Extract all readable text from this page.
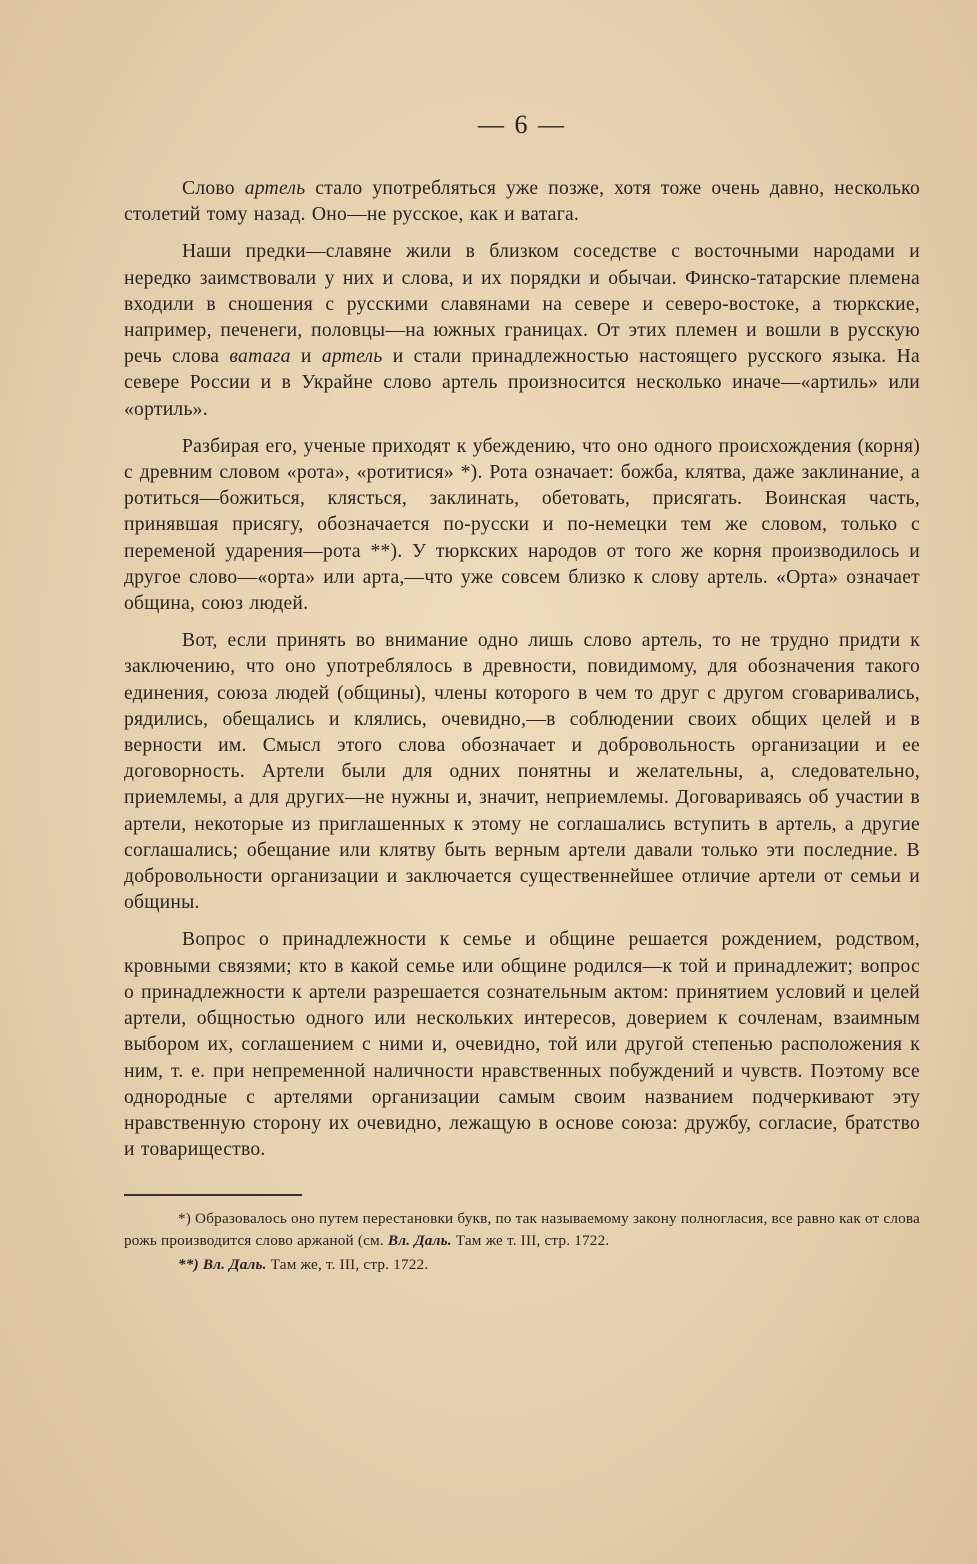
— 6 —

Слово артель стало употребляться уже позже, хотя тоже очень давно, несколько столетий тому назад. Оно—не русское, как и ватага.

Наши предки—славяне жили в близком соседстве с восточными народами и нередко заимствовали у них и слова, и их порядки и обычаи. Финско-татарские племена входили в сношения с русскими славянами на севере и северо-востоке, а тюркские, например, печенеги, половцы—на южных границах. От этих племен и вошли в русскую речь слова ватага и артель и стали принадлежностью настоящего русского языка. На севере России и в Украйне слово артель произносится несколько иначе—«артиль» или «ортиль».

Разбирая его, ученые приходят к убеждению, что оно одного происхождения (корня) с древним словом «рота», «ротитися» *). Рота означает: божба, клятва, даже заклинание, а ротиться—божиться, клясться, заклинать, обетовать, присягать. Воинская часть, принявшая присягу, обозначается по-русски и по-немецки тем же словом, только с переменой ударения—рота **). У тюркских народов от того же корня производилось и другое слово—«орта» или арта,—что уже совсем близко к слову артель. «Орта» означает община, союз людей.

Вот, если принять во внимание одно лишь слово артель, то не трудно придти к заключению, что оно употреблялось в древности, повидимому, для обозначения такого единения, союза людей (общины), члены которого в чем то друг с другом сговаривались, рядились, обещались и клялись, очевидно,—в соблюдении своих общих целей и в верности им. Смысл этого слова обозначает и добровольность организации и ее договорность. Артели были для одних понятны и желательны, а, следовательно, приемлемы, а для других—не нужны и, значит, неприемлемы. Договариваясь об участии в артели, некоторые из приглашенных к этому не соглашались вступить в артель, а другие соглашались; обещание или клятву быть верным артели давали только эти последние. В добровольности организации и заключается существеннейшее отличие артели от семьи и общины.

Вопрос о принадлежности к семье и общине решается рождением, родством, кровными связями; кто в какой семье или общине родился—к той и принадлежит; вопрос о принадлежности к артели разрешается сознательным актом: принятием условий и целей артели, общностью одного или нескольких интересов, доверием к сочленам, взаимным выбором их, соглашением с ними и, очевидно, той или другой степенью расположения к ним, т. е. при непременной наличности нравственных побуждений и чувств. Поэтому все однородные с артелями организации самым своим названием подчеркивают эту нравственную сторону их очевидно, лежащую в основе союза: дружбу, согласие, братство и товарищество.

*) Образовалось оно путем перестановки букв, по так называемому закону полногласия, все равно как от слова рожь производится слово аржаной (см. Вл. Даль. Там же т. III, стр. 1722.

**) Вл. Даль. Там же, т. III, стр. 1722.
